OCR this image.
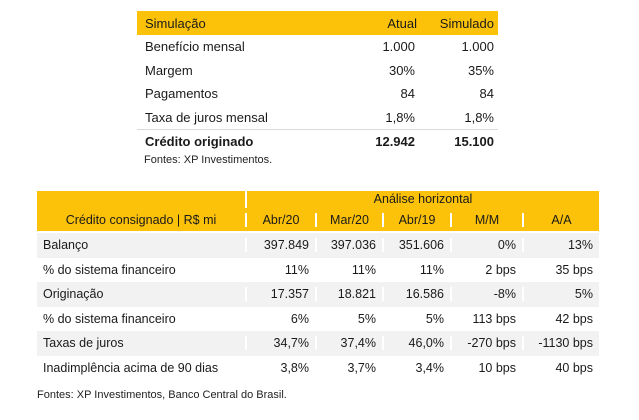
Simulação	Atual	Simulado
Benefício mensal	1.000	1.000
Margem	30%	35%
Pagamentos	84	84
Taxa de juros mensal	1,8%	1,8%
Crédito originado	12.942	15.100
Fontes: XP Investimentos.
Análise horizontal
Crédito consignado | R$ mi	Abr/20	Mar/20	Abr/19	M/M	A/A
Balanço	397.849	397.036	351.606	0%	13%
% do sistema financeiro	11%	11%	11%	2 bps	35 bps
Originação	17.357	18.821	16.586	-8%	5%
% do sistema financeiro	6%	5%	5%	113 bps	42 bps
Taxas de juros	34,7%	37,4%	46,0%	-270 bps	-1130 bps
Inadimplência acima de 90 dias	3,8%	3,7%	3,4%	10 bps	40 bps
Fontes: XP Investimentos, Banco Central do Brasil.
